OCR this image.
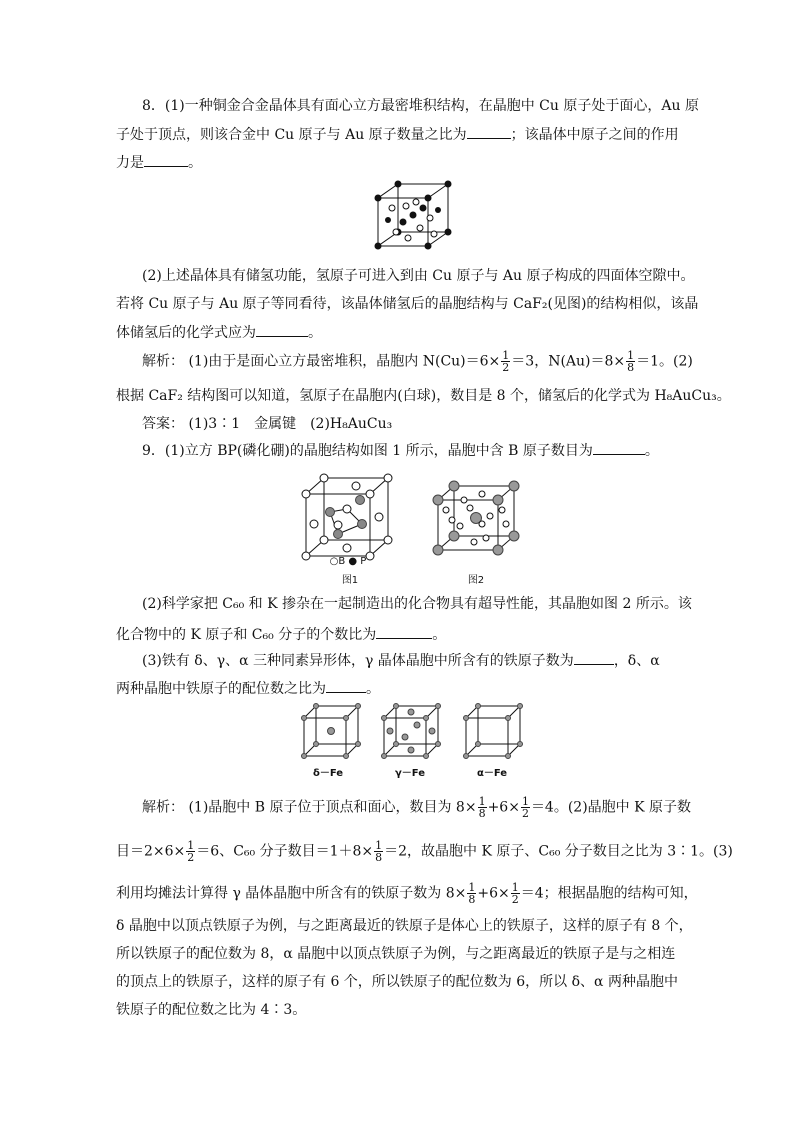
8．(1)一种铜金合金晶体具有面心立方最密堆积结构，在晶胞中 Cu 原子处于面心，Au 原
子处于顶点，则该合金中 Cu 原子与 Au 原子数量之比为	；该晶体中原子之间的作用
力是	。
(2)上述晶体具有储氢功能，氢原子可进入到由 Cu 原子与 Au 原子构成的四面体空隙中。
若将 Cu 原子与 Au 原子等同看待，该晶体储氢后的晶胞结构与 CaF₂(见图)的结构相似，该晶
体储氢后的化学式应为	。
解析： (1)由于是面心立方最密堆积，晶胞内 $N(Cu)=6\times \frac{1}{2} =3$，$N(Au)=8\times \frac{1}{8} =1$。(2)
根据 CaF₂ 结构图可以知道，氢原子在晶胞内(白球)，数目是 8 个，储氢后的化学式为 H₈AuCu₃。
答案： (1)3∶1　金属键　(2)H₈AuCu₃
9．(1)立方 BP(磷化硼)的晶胞结构如图 1 所示，晶胞中含 B 原子数目为	。
○B ● P
图1	图2
(2)科学家把 C₆₀ 和 K 掺杂在一起制造出的化合物具有超导性能，其晶胞如图 2 所示。该
化合物中的 K 原子和 C₆₀ 分子的个数比为	。
(3)铁有 δ、γ、α 三种同素异形体，γ 晶体晶胞中所含有的铁原子数为	，δ、α
两种晶胞中铁原子的配位数之比为	。
δ－Fe	γ－Fe	α－Fe
解析： (1)晶胞中 B 原子位于顶点和面心，数目为 $8\times \frac{1}{8} +6\times \frac{1}{2} =4$。(2)晶胞中 K 原子数
目$=2\times 6\times \frac{1}{2} =6$、C₆₀ 分子数目$=1+8\times \frac{1}{8} =2$，故晶胞中 K 原子、C₆₀ 分子数目之比为 3∶1。(3)
利用均摊法计算得 γ 晶体晶胞中所含有的铁原子数为 $8\times \frac{1}{8} +6\times \frac{1}{2} =4$；根据晶胞的结构可知，
δ 晶胞中以顶点铁原子为例，与之距离最近的铁原子是体心上的铁原子，这样的原子有 8 个，
所以铁原子的配位数为 8，α 晶胞中以顶点铁原子为例，与之距离最近的铁原子是与之相连
的顶点上的铁原子，这样的原子有 6 个，所以铁原子的配位数为 6，所以 δ、α 两种晶胞中
铁原子的配位数之比为 4∶3。
